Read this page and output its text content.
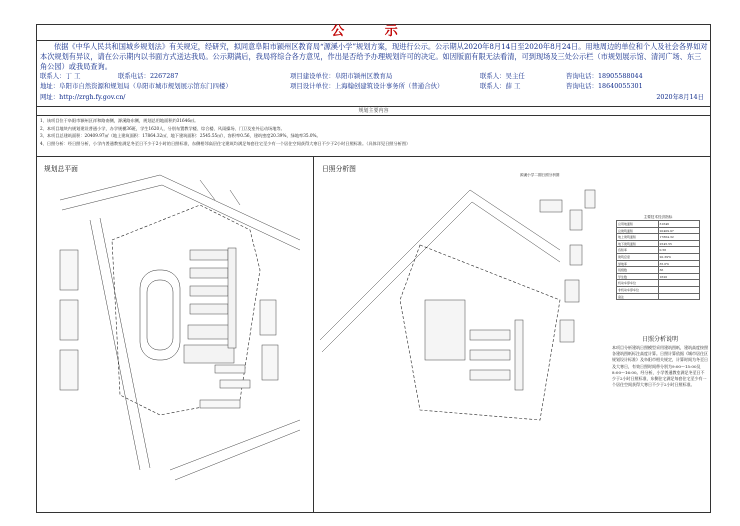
公 示
依据《中华人民共和国城乡规划法》有关规定，经研究，拟同意阜阳市颍州区教育局“源溪小学”规划方案，现进行公示。公示期从2020年8月14日至2020年8月24日。用地周边的单位和个人及社会各界如对本次规划有异议，请在公示期内以书面方式送达我局。公示期满后，我局将综合各方意见，作出是否给予办理规划许可的决定。如因版面有限无法看清，可到现场及三处公示栏（市规划展示馆、清河广场、东三角公园）或我局查询。
联系人：丁 工	联系电话：2267287
地址：阜阳市自然资源和规划局（阜阳市城市规划展示馆东门四楼）
网址：http://zrgh.fy.gov.cn/
项目建设单位：阜阳市颍州区教育局
项目设计单位：上海翰创建筑设计事务所（普通合伙）
联系人：吴主任	咨询电话：18905588044
联系人：薛 工	咨询电话：18640055301
2020年8月14日
规划主要内容
1、该项目位于阜阳市颍州区祥和路南侧，源溪路东侧，规划总用地面积约31646㎡。
2、本项目地块内规划建设普通小学，办学规模36班，学生1620人，分别布置教学楼、综合楼、风雨操场、门卫及室外运动场地等。
3、本项目总建筑面积：20409.97㎡（地上建筑面积：17864.32㎡，地下建筑面积：2545.55㎡），容积率0.56，建筑密度20.39%，绿地率35.0%。
4、日照分析：经日照分析，小学内普通教室满足冬至日不少于2小时的日照标准，东侧相邻高层住宅建筑均满足每套住宅至少有一个居住空间获得大寒日不少于2小时日照标准。（具体详见日照分析图）
规划总平面	日照分析图
源溪小学二期日照分析图
主要技术经济指标
总用地面积	31646
总建筑面积	20409.97
地上建筑面积	17864.32
地下建筑面积	2545.55
容积率	0.56
建筑密度	20.39%
绿地率	35.0%
班级数	36
学生数	1620
机动车停车位
非机动车停车位
备注
日照分析说明
本项目分析建筑日照模型采用建筑图纸，建筑高度按照各建筑图纸标注高度计算。日照计算依据《城市居住区规划设计标准》及阜阳市相关规定，计算时间为冬至日及大寒日，有效日照时间带分别为9:00～15:00及8:00～16:00。经分析，小学普通教室满足冬至日不少于2小时日照标准，东侧住宅满足每套住宅至少有一个居住空间获得大寒日不少于2小时日照标准。
